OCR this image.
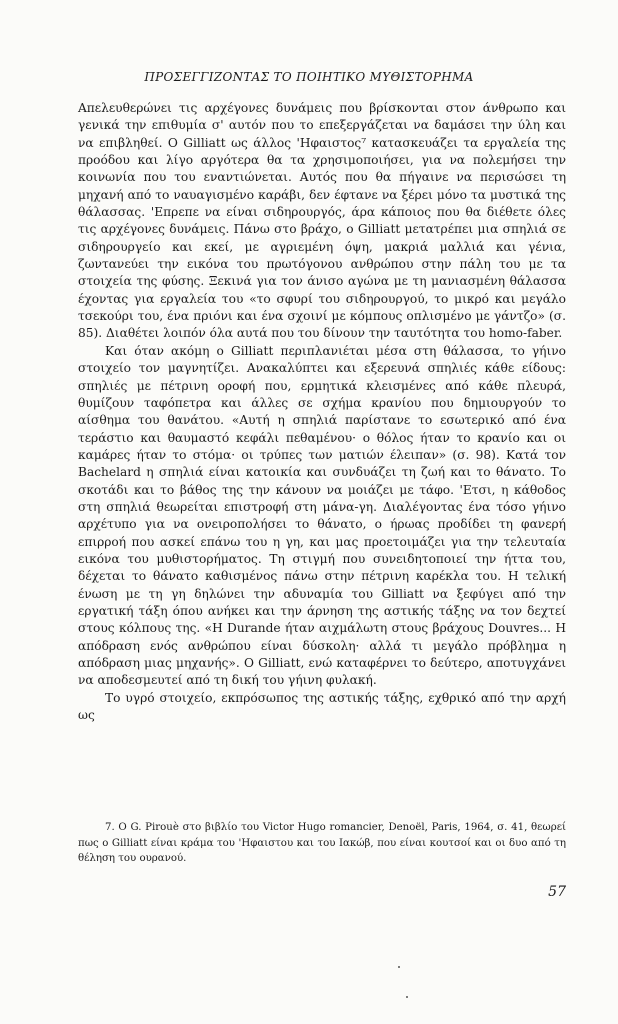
ΠΡΟΣΕΓΓΙΖΟΝΤΑΣ ΤΟ ΠΟΙΗΤΙΚΟ ΜΥΘΙΣΤΟΡΗΜΑ

Απελευθερώνει τις αρχέγονες δυνάμεις που βρίσκονται στον άνθρωπο και γενικά την επιθυμία σ' αυτόν που το επεξεργάζεται να δαμάσει την ύλη και να επιβληθεί. Ο Gilliatt ως άλλος 'Ηφαιστος⁷ κατασκευάζει τα εργαλεία της προόδου και λίγο αργότερα θα τα χρησιμοποιήσει, για να πολεμήσει την κοινωνία που του εναντιώνεται. Αυτός που θα πήγαινε να περισώσει τη μηχανή από το ναυαγισμένο καράβι, δεν έφτανε να ξέρει μόνο τα μυστικά της θάλασσας. 'Επρεπε να είναι σιδηρουργός, άρα κάποιος που θα διέθετε όλες τις αρχέγονες δυνάμεις. Πάνω στο βράχο, ο Gilliatt μετατρέπει μια σπηλιά σε σιδηρουργείο και εκεί, με αγριεμένη όψη, μακριά μαλλιά και γένια, ζωντανεύει την εικόνα του πρωτόγονου ανθρώπου στην πάλη του με τα στοιχεία της φύσης. Ξεκινά για τον άνισο αγώνα με τη μανιασμένη θάλασσα έχοντας για εργαλεία του «το σφυρί του σιδηρουργού, το μικρό και μεγάλο τσεκούρι του, ένα πριόνι και ένα σχοινί με κόμπους οπλισμένο με γάντζο» (σ. 85). Διαθέτει λοιπόν όλα αυτά που του δίνουν την ταυτότητα του homo-faber.

Και όταν ακόμη ο Gilliatt περιπλανιέται μέσα στη θάλασσα, το γήινο στοιχείο τον μαγνητίζει. Ανακαλύπτει και εξερευνά σπηλιές κάθε είδους: σπηλιές με πέτρινη οροφή που, ερμητικά κλεισμένες από κάθε πλευρά, θυμίζουν ταφόπετρα και άλλες σε σχήμα κρανίου που δημιουργούν το αίσθημα του θανάτου. «Αυτή η σπηλιά παρίστανε το εσωτερικό από ένα τεράστιο και θαυμαστό κεφάλι πεθαμένου· ο θόλος ήταν το κρανίο και οι καμάρες ήταν το στόμα· οι τρύπες των ματιών έλειπαν» (σ. 98). Κατά τον Bachelard η σπηλιά είναι κατοικία και συνδυάζει τη ζωή και το θάνατο. Το σκοτάδι και το βάθος της την κάνουν να μοιάζει με τάφο. 'Ετσι, η κάθοδος στη σπηλιά θεωρείται επιστροφή στη μάνα-γη. Διαλέγοντας ένα τόσο γήινο αρχέτυπο για να ονειροπολήσει το θάνατο, ο ήρωας προδίδει τη φανερή επιρροή που ασκεί επάνω του η γη, και μας προετοιμάζει για την τελευταία εικόνα του μυθιστορήματος. Τη στιγμή που συνειδητοποιεί την ήττα του, δέχεται το θάνατο καθισμένος πάνω στην πέτρινη καρέκλα του. Η τελική ένωση με τη γη δηλώνει την αδυναμία του Gilliatt να ξεφύγει από την εργατική τάξη όπου ανήκει και την άρνηση της αστικής τάξης να τον δεχτεί στους κόλπους της. «Η Durande ήταν αιχμάλωτη στους βράχους Douvres... Η απόδραση ενός ανθρώπου είναι δύσκολη· αλλά τι μεγάλο πρόβλημα η απόδραση μιας μηχανής». Ο Gilliatt, ενώ καταφέρνει το δεύτερο, αποτυγχάνει να αποδεσμευτεί από τη δική του γήινη φυλακή.

Το υγρό στοιχείο, εκπρόσωπος της αστικής τάξης, εχθρικό από την αρχή ως

7. Ο G. Pirouè στο βιβλίο του Victor Hugo romancier, Denoël, Paris, 1964, σ. 41, θεωρεί πως ο Gilliatt είναι κράμα του 'Ηφαιστου και του Ιακώβ, που είναι κουτσοί και οι δυο από τη θέληση του ουρανού.
57
